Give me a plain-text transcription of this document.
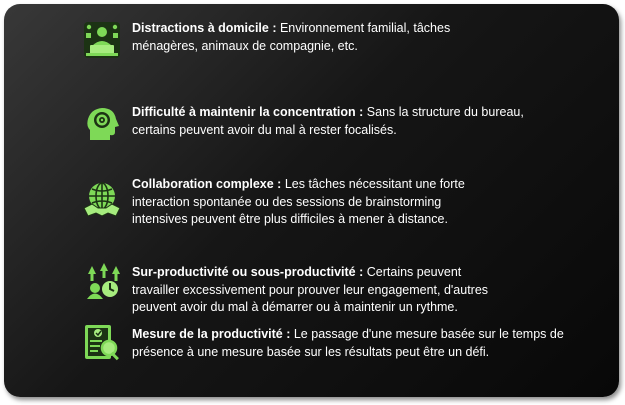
Distractions à domicile : Environnement familial, tâches ménagères, animaux de compagnie, etc.
Difficulté à maintenir la concentration : Sans la structure du bureau, certains peuvent avoir du mal à rester focalisés.
Collaboration complexe : Les tâches nécessitant une forte interaction spontanée ou des sessions de brainstorming intensives peuvent être plus difficiles à mener à distance.
Sur-productivité ou sous-productivité : Certains peuvent travailler excessivement pour prouver leur engagement, d'autres peuvent avoir du mal à démarrer ou à maintenir un rythme.
Mesure de la productivité : Le passage d'une mesure basée sur le temps de présence à une mesure basée sur les résultats peut être un défi.
